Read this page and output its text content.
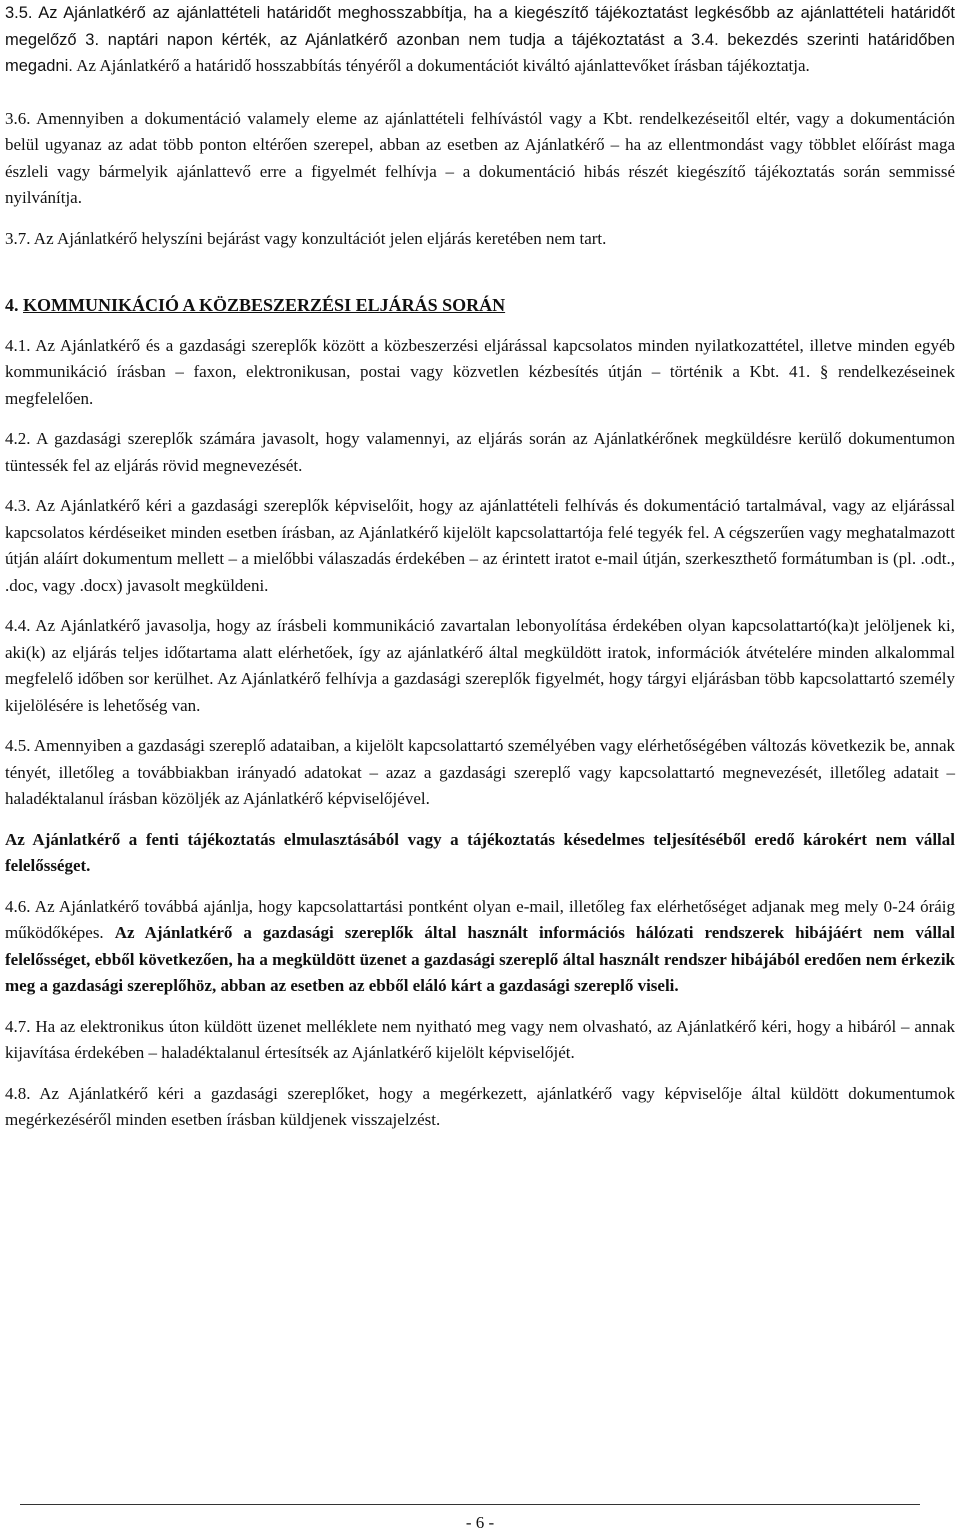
3.5. Az Ajánlatkérő az ajánlattételi határidőt meghosszabbítja, ha a kiegészítő tájékoztatást legkésőbb az ajánlattételi határidőt megelőző 3. naptári napon kérték, az Ajánlatkérő azonban nem tudja a tájékoztatást a 3.4. bekezdés szerinti határidőben megadni. Az Ajánlatkérő a határidő hosszabbítás tényéről a dokumentációt kiváltó ajánlattevőket írásban tájékoztatja.

3.6. Amennyiben a dokumentáció valamely eleme az ajánlattételi felhívástól vagy a Kbt. rendelkezéseitől eltér, vagy a dokumentáción belül ugyanaz az adat több ponton eltérően szerepel, abban az esetben az Ajánlatkérő – ha az ellentmondást vagy többlet előírást maga észleli vagy bármelyik ajánlattevő erre a figyelmét felhívja – a dokumentáció hibás részét kiegészítő tájékoztatás során semmissé nyilvánítja.

3.7. Az Ajánlatkérő helyszíni bejárást vagy konzultációt jelen eljárás keretében nem tart.

4. KOMMUNIKÁCIÓ A KÖZBESZERZÉSI ELJÁRÁS SORÁN

4.1. Az Ajánlatkérő és a gazdasági szereplők között a közbeszerzési eljárással kapcsolatos minden nyilatkozattétel, illetve minden egyéb kommunikáció írásban – faxon, elektronikusan, postai vagy közvetlen kézbesítés útján – történik a Kbt. 41. § rendelkezéseinek megfelelően.

4.2. A gazdasági szereplők számára javasolt, hogy valamennyi, az eljárás során az Ajánlatkérőnek megküldésre kerülő dokumentumon tüntessék fel az eljárás rövid megnevezését.

4.3. Az Ajánlatkérő kéri a gazdasági szereplők képviselőit, hogy az ajánlattételi felhívás és dokumentáció tartalmával, vagy az eljárással kapcsolatos kérdéseiket minden esetben írásban, az Ajánlatkérő kijelölt kapcsolattartója felé tegyék fel. A cégszerűen vagy meghatalmazott útján aláírt dokumentum mellett – a mielőbbi válaszadás érdekében – az érintett iratot e-mail útján, szerkeszthető formátumban is (pl. .odt., .doc, vagy .docx) javasolt megküldeni.

4.4. Az Ajánlatkérő javasolja, hogy az írásbeli kommunikáció zavartalan lebonyolítása érdekében olyan kapcsolattartó(ka)t jelöljenek ki, aki(k) az eljárás teljes időtartama alatt elérhetőek, így az ajánlatkérő által megküldött iratok, információk átvételére minden alkalommal megfelelő időben sor kerülhet. Az Ajánlatkérő felhívja a gazdasági szereplők figyelmét, hogy tárgyi eljárásban több kapcsolattartó személy kijelölésére is lehetőség van.

4.5. Amennyiben a gazdasági szereplő adataiban, a kijelölt kapcsolattartó személyében vagy elérhetőségében változás következik be, annak tényét, illetőleg a továbbiakban irányadó adatokat – azaz a gazdasági szereplő vagy kapcsolattartó megnevezését, illetőleg adatait – haladéktalanul írásban közöljék az Ajánlatkérő képviselőjével.

Az Ajánlatkérő a fenti tájékoztatás elmulasztásából vagy a tájékoztatás késedelmes teljesítéséből eredő károkért nem vállal felelősséget.

4.6. Az Ajánlatkérő továbbá ajánlja, hogy kapcsolattartási pontként olyan e-mail, illetőleg fax elérhetőséget adjanak meg mely 0-24 óráig működőképes. Az Ajánlatkérő a gazdasági szereplők által használt információs hálózati rendszerek hibájáért nem vállal felelősséget, ebből következően, ha a megküldött üzenet a gazdasági szereplő által használt rendszer hibájából eredően nem érkezik meg a gazdasági szereplőhöz, abban az esetben az ebből eláló kárt a gazdasági szereplő viseli.

4.7. Ha az elektronikus úton küldött üzenet melléklete nem nyitható meg vagy nem olvasható, az Ajánlatkérő kéri, hogy a hibáról – annak kijavítása érdekében – haladéktalanul értesítsék az Ajánlatkérő kijelölt képviselőjét.

4.8. Az Ajánlatkérő kéri a gazdasági szereplőket, hogy a megérkezett, ajánlatkérő vagy képviselője által küldött dokumentumok megérkezéséről minden esetben írásban küldjenek visszajelzést.

- 6 -
